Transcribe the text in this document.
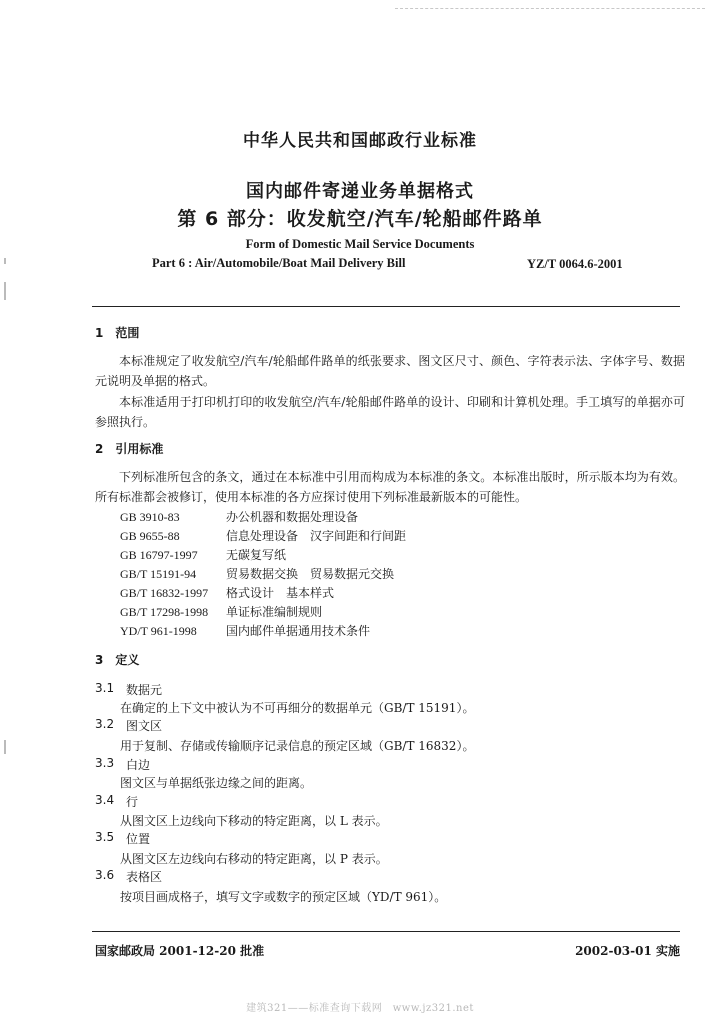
中华人民共和国邮政行业标准
国内邮件寄递业务单据格式
第 6 部分：收发航空/汽车/轮船邮件路单
Form of Domestic Mail Service Documents
Part 6 : Air/Automobile/Boat Mail Delivery Bill	YZ/T 0064.6-2001
1　范围
本标准规定了收发航空/汽车/轮船邮件路单的纸张要求、图文区尺寸、颜色、字符表示法、字体字号、数据元说明及单据的格式。
本标准适用于打印机打印的收发航空/汽车/轮船邮件路单的设计、印刷和计算机处理。手工填写的单据亦可参照执行。
2　引用标准
下列标准所包含的条文，通过在本标准中引用而构成为本标准的条文。本标准出版时，所示版本均为有效。所有标准都会被修订，使用本标准的各方应探讨使用下列标准最新版本的可能性。
GB 3910-83	办公机器和数据处理设备
GB 9655-88	信息处理设备　汉字间距和行间距
GB 16797-1997 无碳复写纸
GB/T 15191-94 贸易数据交换　贸易数据元交换
GB/T 16832-1997 格式设计　基本样式
GB/T 17298-1998 单证标准编制规则
YD/T 961-1998 国内邮件单据通用技术条件
3　定义
3.1 数据元
在确定的上下文中被认为不可再细分的数据单元（GB/T 15191）。
3.2 图文区
用于复制、存储或传输顺序记录信息的预定区域（GB/T 16832）。
3.3 白边
图文区与单据纸张边缘之间的距离。
3.4 行
从图文区上边线向下移动的特定距离，以 L 表示。
3.5 位置
从图文区左边线向右移动的特定距离，以 P 表示。
3.6 表格区
按项目画成格子，填写文字或数字的预定区域（YD/T 961）。
国家邮政局 2001-12-20 批准	2002-03-01 实施
建筑321——标准查询下载网　www.jz321.net
